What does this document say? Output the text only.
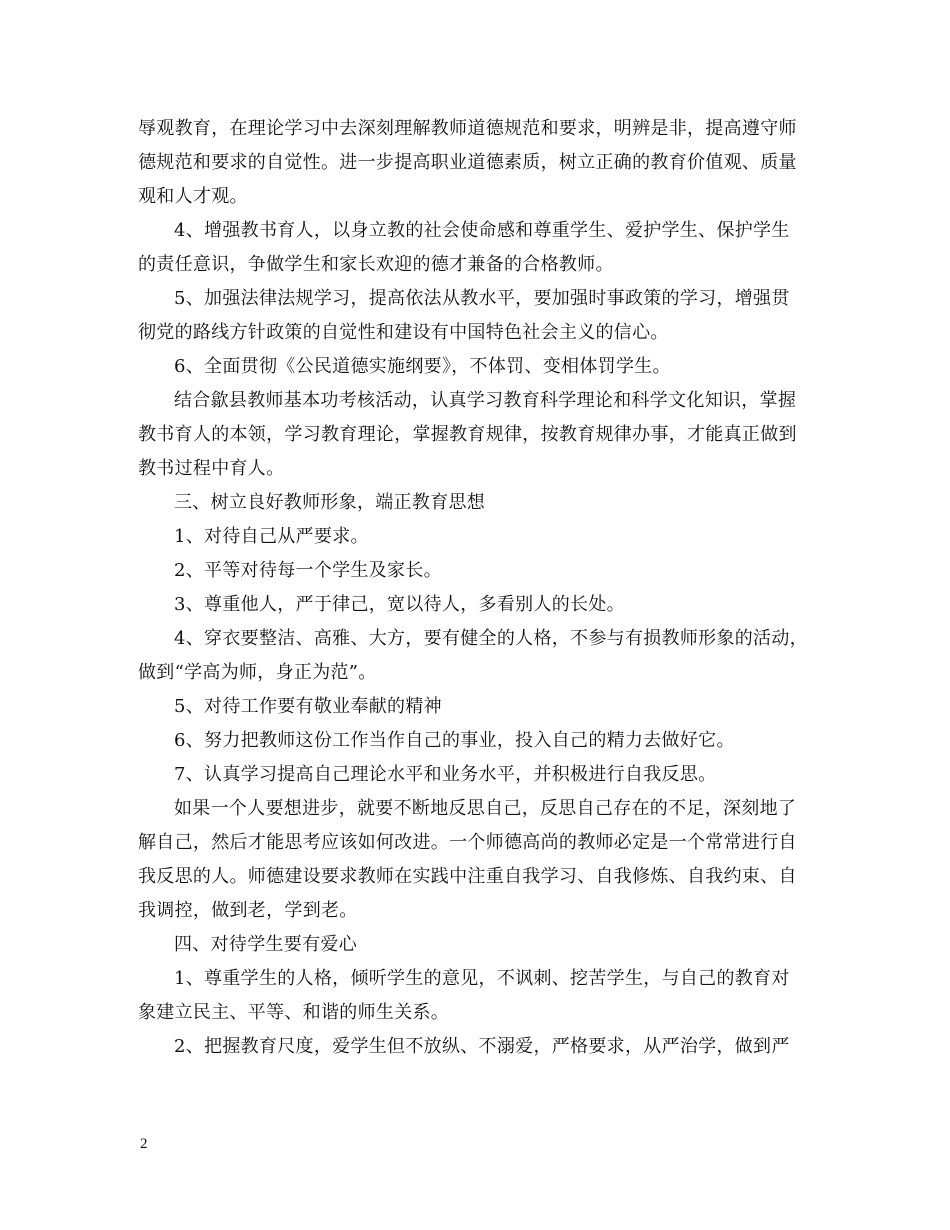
辱观教育，在理论学习中去深刻理解教师道德规范和要求，明辨是非，提高遵守师
德规范和要求的自觉性。进一步提高职业道德素质，树立正确的教育价值观、质量
观和人才观。
4、增强教书育人，以身立教的社会使命感和尊重学生、爱护学生、保护学生
的责任意识，争做学生和家长欢迎的德才兼备的合格教师。
5、加强法律法规学习，提高依法从教水平，要加强时事政策的学习，增强贯
彻党的路线方针政策的自觉性和建设有中国特色社会主义的信心。
6、全面贯彻《公民道德实施纲要》，不体罚、变相体罚学生。
结合歙县教师基本功考核活动，认真学习教育科学理论和科学文化知识，掌握
教书育人的本领，学习教育理论，掌握教育规律，按教育规律办事，才能真正做到
教书过程中育人。
三、树立良好教师形象，端正教育思想
1、对待自己从严要求。
2、平等对待每一个学生及家长。
3、尊重他人，严于律己，宽以待人，多看别人的长处。
4、穿衣要整洁、高雅、大方，要有健全的人格，不参与有损教师形象的活动，
做到“学高为师，身正为范”。
5、对待工作要有敬业奉献的精神
6、努力把教师这份工作当作自己的事业，投入自己的精力去做好它。
7、认真学习提高自己理论水平和业务水平，并积极进行自我反思。
如果一个人要想进步，就要不断地反思自己，反思自己存在的不足，深刻地了
解自己，然后才能思考应该如何改进。一个师德高尚的教师必定是一个常常进行自
我反思的人。师德建设要求教师在实践中注重自我学习、自我修炼、自我约束、自
我调控，做到老，学到老。
四、对待学生要有爱心
1、尊重学生的人格，倾听学生的意见，不讽刺、挖苦学生，与自己的教育对
象建立民主、平等、和谐的师生关系。
2、把握教育尺度，爱学生但不放纵、不溺爱，严格要求，从严治学，做到严
2
